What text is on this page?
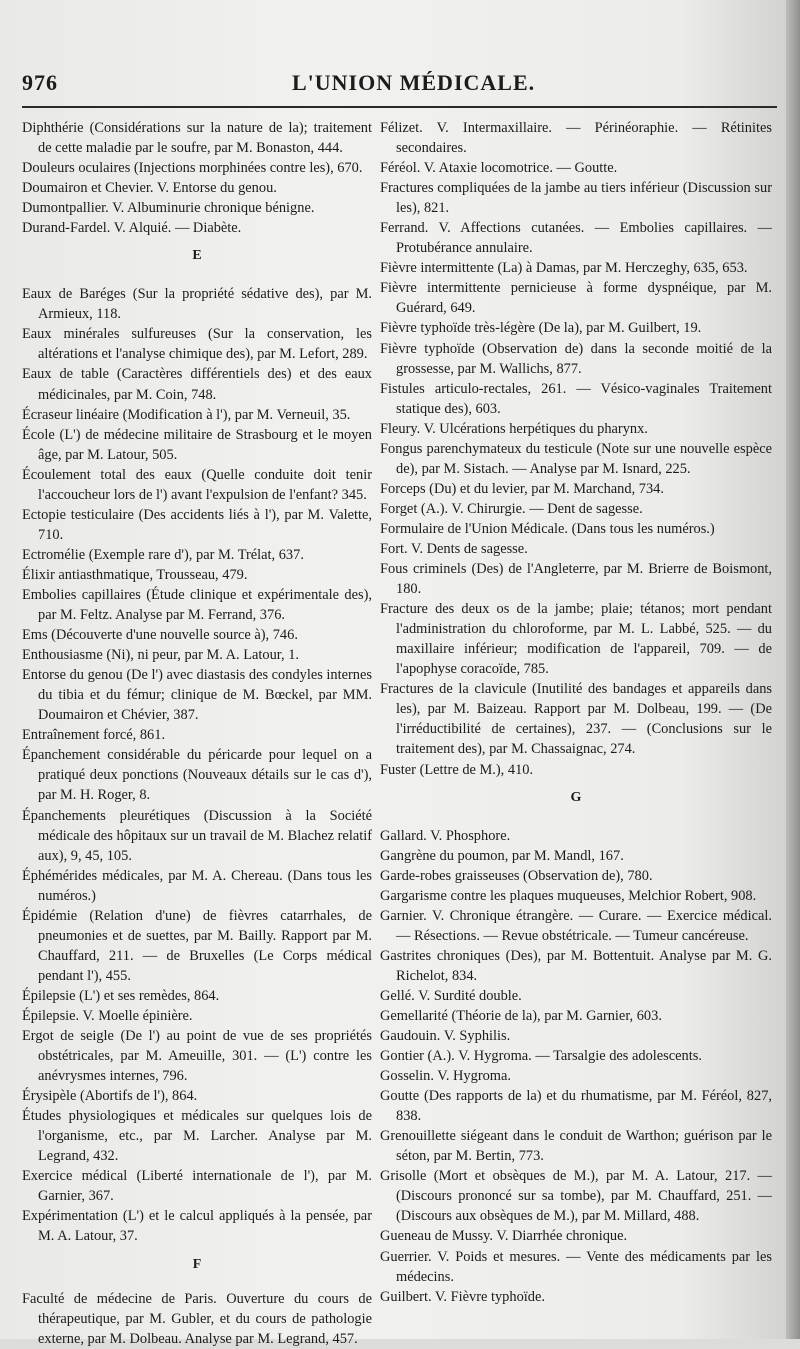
976	L'UNION MÉDICALE.
Diphthérie (Considérations sur la nature de la); traitement de cette maladie par le soufre, par M. Bonaston, 444.
Douleurs oculaires (Injections morphinées contre les), 670.
Doumairon et Chevier. V. Entorse du genou.
Dumontpallier. V. Albuminurie chronique bénigne.
Durand-Fardel. V. Alquié. — Diabète.
E
Eaux de Baréges (Sur la propriété sédative des), par M. Armieux, 118.
Eaux minérales sulfureuses (Sur la conservation, les altérations et l'analyse chimique des), par M. Lefort, 289.
Eaux de table (Caractères différentiels des) et des eaux médicinales, par M. Coin, 748.
Écraseur linéaire (Modification à l'), par M. Verneuil, 35.
École (L') de médecine militaire de Strasbourg et le moyen âge, par M. Latour, 505.
Écoulement total des eaux (Quelle conduite doit tenir l'accoucheur lors de l') avant l'expulsion de l'enfant? 345.
Ectopie testiculaire (Des accidents liés à l'), par M. Valette, 710.
Ectromélie (Exemple rare d'), par M. Trélat, 637.
Élixir antiasthmatique, Trousseau, 479.
Embolies capillaires (Étude clinique et expérimentale des), par M. Feltz. Analyse par M. Ferrand, 376.
Ems (Découverte d'une nouvelle source à), 746.
Enthousiasme (Ni), ni peur, par M. A. Latour, 1.
Entorse du genou (De l') avec diastasis des condyles internes du tibia et du fémur; clinique de M. Bœckel, par MM. Doumairon et Chévier, 387.
Entraînement forcé, 861.
Épanchement considérable du péricarde pour lequel on a pratiqué deux ponctions (Nouveaux détails sur le cas d'), par M. H. Roger, 8.
Épanchements pleurétiques (Discussion à la Société médicale des hôpitaux sur un travail de M. Blachez relatif aux), 9, 45, 105.
Éphémérides médicales, par M. A. Chereau. (Dans tous les numéros.)
Épidémie (Relation d'une) de fièvres catarrhales, de pneumonies et de suettes, par M. Bailly. Rapport par M. Chauffard, 211. — de Bruxelles (Le Corps médical pendant l'), 455.
Épilepsie (L') et ses remèdes, 864.
Épilepsie. V. Moelle épinière.
Ergot de seigle (De l') au point de vue de ses propriétés obstétricales, par M. Ameuille, 301. — (L') contre les anévrysmes internes, 796.
Érysipèle (Abortifs de l'), 864.
Études physiologiques et médicales sur quelques lois de l'organisme, etc., par M. Larcher. Analyse par M. Legrand, 432.
Exercice médical (Liberté internationale de l'), par M. Garnier, 367.
Expérimentation (L') et le calcul appliqués à la pensée, par M. A. Latour, 37.
F
Faculté de médecine de Paris. Ouverture du cours de thérapeutique, par M. Gubler, et du cours de pathologie externe, par M. Dolbeau. Analyse par M. Legrand, 457.
Félizet. V. Intermaxillaire. — Périnéoraphie. — Rétinites secondaires.
Féréol. V. Ataxie locomotrice. — Goutte.
Fractures compliquées de la jambe au tiers inférieur (Discussion sur les), 821.
Ferrand. V. Affections cutanées. — Embolies capillaires. — Protubérance annulaire.
Fièvre intermittente (La) à Damas, par M. Herczeghy, 635, 653.
Fièvre intermittente pernicieuse à forme dyspnéique, par M. Guérard, 649.
Fièvre typhoïde très-légère (De la), par M. Guilbert, 19.
Fièvre typhoïde (Observation de) dans la seconde moitié de la grossesse, par M. Wallichs, 877.
Fistules articulo-rectales, 261. — Vésico-vaginales Traitement statique des), 603.
Fleury. V. Ulcérations herpétiques du pharynx.
Fongus parenchymateux du testicule (Note sur une nouvelle espèce de), par M. Sistach. — Analyse par M. Isnard, 225.
Forceps (Du) et du levier, par M. Marchand, 734.
Forget (A.). V. Chirurgie. — Dent de sagesse.
Formulaire de l'Union Médicale. (Dans tous les numéros.)
Fort. V. Dents de sagesse.
Fous criminels (Des) de l'Angleterre, par M. Brierre de Boismont, 180.
Fracture des deux os de la jambe; plaie; tétanos; mort pendant l'administration du chloroforme, par M. L. Labbé, 525. — du maxillaire inférieur; modification de l'appareil, 709. — de l'apophyse coracoïde, 785.
Fractures de la clavicule (Inutilité des bandages et appareils dans les), par M. Baizeau. Rapport par M. Dolbeau, 199. — (De l'irréductibilité de certaines), 237. — (Conclusions sur le traitement des), par M. Chassaignac, 274.
Fuster (Lettre de M.), 410.
G
Gallard. V. Phosphore.
Gangrène du poumon, par M. Mandl, 167.
Garde-robes graisseuses (Observation de), 780.
Gargarisme contre les plaques muqueuses, Melchior Robert, 908.
Garnier. V. Chronique étrangère. — Curare. — Exercice médical. — Résections. — Revue obstétricale. — Tumeur cancéreuse.
Gastrites chroniques (Des), par M. Bottentuit. Analyse par M. G. Richelot, 834.
Gellé. V. Surdité double.
Gemellarité (Théorie de la), par M. Garnier, 603.
Gaudouin. V. Syphilis.
Gontier (A.). V. Hygroma. — Tarsalgie des adolescents.
Gosselin. V. Hygroma.
Goutte (Des rapports de la) et du rhumatisme, par M. Féréol, 827, 838.
Grenouillette siégeant dans le conduit de Warthon; guérison par le séton, par M. Bertin, 773.
Grisolle (Mort et obsèques de M.), par M. A. Latour, 217. — (Discours prononcé sur sa tombe), par M. Chauffard, 251. — (Discours aux obsèques de M.), par M. Millard, 488.
Gueneau de Mussy. V. Diarrhée chronique.
Guerrier. V. Poids et mesures. — Vente des médicaments par les médecins.
Guilbert. V. Fièvre typhoïde.
